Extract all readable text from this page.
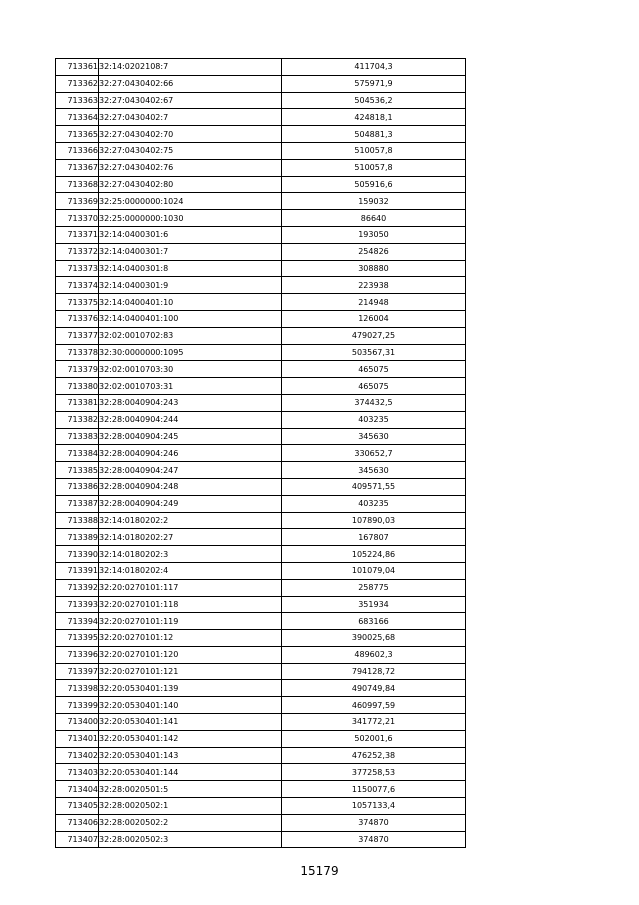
713361	32:14:0202108:7	411704,3
713362	32:27:0430402:66	575971,9
713363	32:27:0430402:67	504536,2
713364	32:27:0430402:7	424818,1
713365	32:27:0430402:70	504881,3
713366	32:27:0430402:75	510057,8
713367	32:27:0430402:76	510057,8
713368	32:27:0430402:80	505916,6
713369	32:25:0000000:1024	159032
713370	32:25:0000000:1030	86640
713371	32:14:0400301:6	193050
713372	32:14:0400301:7	254826
713373	32:14:0400301:8	308880
713374	32:14:0400301:9	223938
713375	32:14:0400401:10	214948
713376	32:14:0400401:100	126004
713377	32:02:0010702:83	479027,25
713378	32:30:0000000:1095	503567,31
713379	32:02:0010703:30	465075
713380	32:02:0010703:31	465075
713381	32:28:0040904:243	374432,5
713382	32:28:0040904:244	403235
713383	32:28:0040904:245	345630
713384	32:28:0040904:246	330652,7
713385	32:28:0040904:247	345630
713386	32:28:0040904:248	409571,55
713387	32:28:0040904:249	403235
713388	32:14:0180202:2	107890,03
713389	32:14:0180202:27	167807
713390	32:14:0180202:3	105224,86
713391	32:14:0180202:4	101079,04
713392	32:20:0270101:117	258775
713393	32:20:0270101:118	351934
713394	32:20:0270101:119	683166
713395	32:20:0270101:12	390025,68
713396	32:20:0270101:120	489602,3
713397	32:20:0270101:121	794128,72
713398	32:20:0530401:139	490749,84
713399	32:20:0530401:140	460997,59
713400	32:20:0530401:141	341772,21
713401	32:20:0530401:142	502001,6
713402	32:20:0530401:143	476252,38
713403	32:20:0530401:144	377258,53
713404	32:28:0020501:5	1150077,6
713405	32:28:0020502:1	1057133,4
713406	32:28:0020502:2	374870
713407	32:28:0020502:3	374870
15179
